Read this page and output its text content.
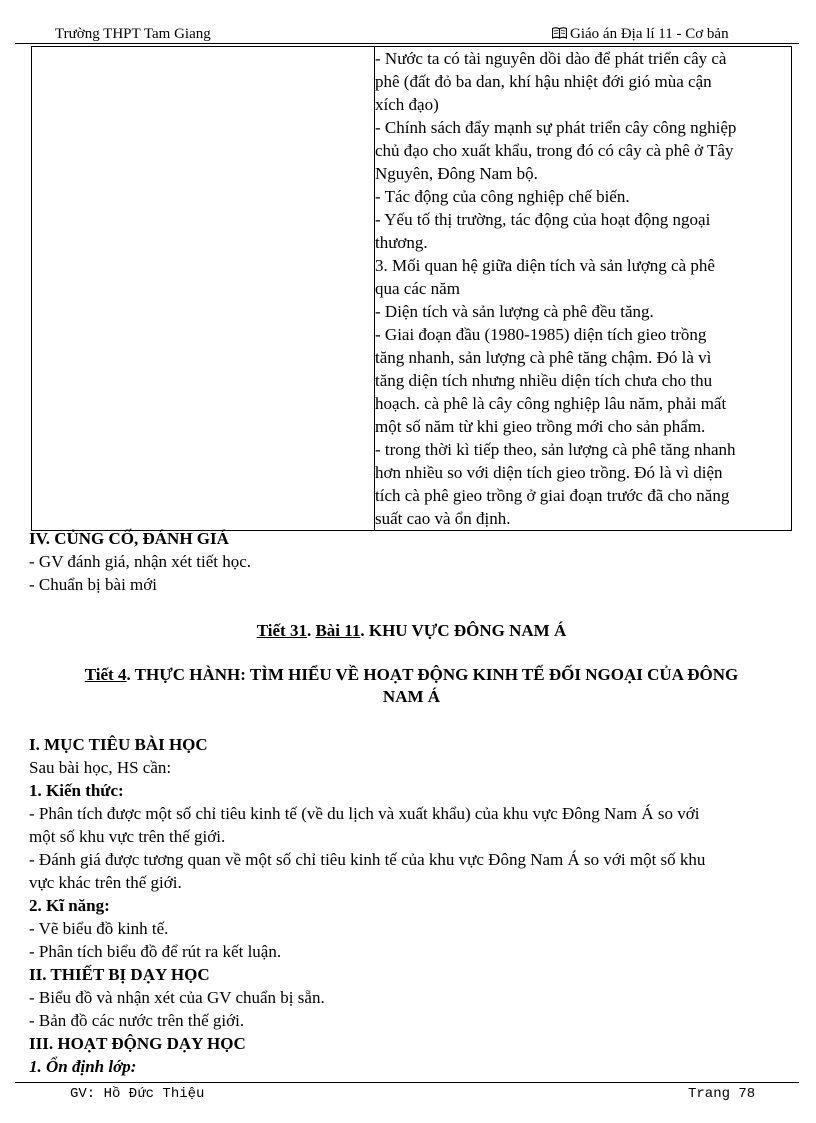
Trường THPT Tam Giang	Giáo án Địa lí 11 - Cơ bản

- Nước ta có tài nguyên dồi dào để phát triển cây cà
phê (đất đỏ ba dan, khí hậu nhiệt đới gió mùa cận
xích đạo)
- Chính sách đẩy mạnh sự phát triển cây công nghiệp
chủ đạo cho xuất khẩu, trong đó có cây cà phê ở Tây
Nguyên, Đông Nam bộ.
- Tác động của công nghiệp chế biến.
- Yếu tố thị trường, tác động của hoạt động ngoại
thương.
3. Mối quan hệ giữa diện tích và sản lượng cà phê
qua các năm
- Diện tích và sản lượng cà phê đều tăng.
- Giai đoạn đầu (1980-1985) diện tích gieo trồng
tăng nhanh, sản lượng cà phê tăng chậm. Đó là vì
tăng diện tích nhưng nhiều diện tích chưa cho thu
hoạch. cà phê là cây công nghiệp lâu năm, phải mất
một số năm từ khi gieo trồng mới cho sản phẩm.
- trong thời kì tiếp theo, sản lượng cà phê tăng nhanh
hơn nhiều so với diện tích gieo trồng. Đó là vì diện
tích cà phê gieo trồng ở giai đoạn trước đã cho năng
suất cao và ổn định.
IV. CỦNG CỐ, ĐÁNH GIÁ
- GV đánh giá, nhận xét tiết học.
- Chuẩn bị bài mới
Tiết 31. Bài 11. KHU VỰC ĐÔNG NAM Á
Tiết 4. THỰC HÀNH: TÌM HIỂU VỀ HOẠT ĐỘNG KINH TẾ ĐỐI NGOẠI CỦA ĐÔNG
NAM Á
I. MỤC TIÊU BÀI HỌC
Sau bài học, HS cần:
1. Kiến thức:
- Phân tích được một số chỉ tiêu kinh tế (về du lịch và xuất khẩu) của khu vực Đông Nam Á so với
một số khu vực trên thế giới.
- Đánh giá được tương quan về một số chỉ tiêu kinh tế của khu vực Đông Nam Á so với một số khu
vực khác trên thế giới.
2. Kĩ năng:
- Vẽ biểu đồ kinh tế.
- Phân tích biểu đồ để rút ra kết luận.
II. THIẾT BỊ DẠY HỌC
- Biểu đồ và nhận xét của GV chuẩn bị sẵn.
- Bản đồ các nước trên thế giới.
III. HOẠT ĐỘNG DẠY HỌC
1. Ổn định lớp:
GV: Hồ Đức Thiệu	Trang 78
